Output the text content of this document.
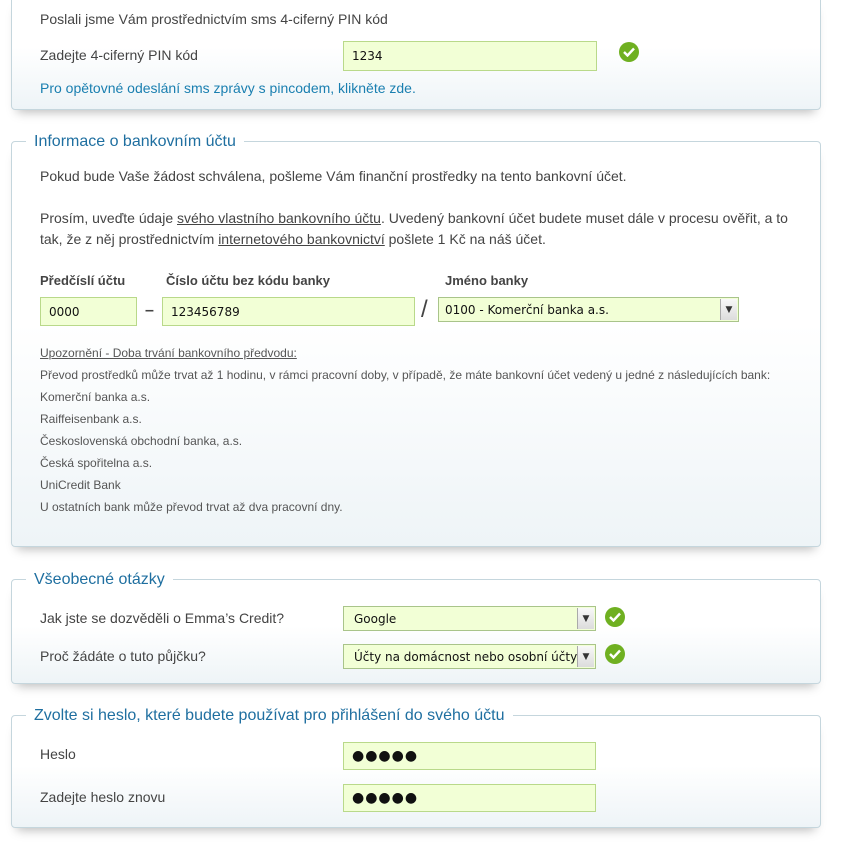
Poslali jsme Vám prostřednictvím sms 4-ciferný PIN kód
Zadejte 4-ciferný PIN kód	1234
Pro opětovné odeslání sms zprávy s pincodem, klikněte zde.
Informace o bankovním účtu
Pokud bude Vaše žádost schválena, pošleme Vám finanční prostředky na tento bankovní účet.
Prosím, uveďte údaje svého vlastního bankovního účtu. Uvedený bankovní účet budete muset dále v procesu ověřit, a to
tak, že z něj prostřednictvím internetového bankovnictví pošlete 1 Kč na náš účet.
Předčíslí účtu	Číslo účtu bez kódu banky	Jméno banky
0000	–	123456789	/ 0100 - Komerční banka a.s.	▼
Upozornění - Doba trvání bankovního předvodu:
Převod prostředků může trvat až 1 hodinu, v rámci pracovní doby, v případě, že máte bankovní účet vedený u jedné z následujících bank:
Komerční banka a.s.
Raiffeisenbank a.s.
Československá obchodní banka, a.s.
Česká spořitelna a.s.
UniCredit Bank
U ostatních bank může převod trvat až dva pracovní dny.
Všeobecné otázky
Jak jste se dozvěděli o Emma’s Credit?	Google	▼
Proč žádáte o tuto půjčku?	Účty na domácnost nebo osobní účty ▼
Zvolte si heslo, které budete používat pro přihlášení do svého účtu
Heslo	●●●●●
Zadejte heslo znovu	●●●●●
